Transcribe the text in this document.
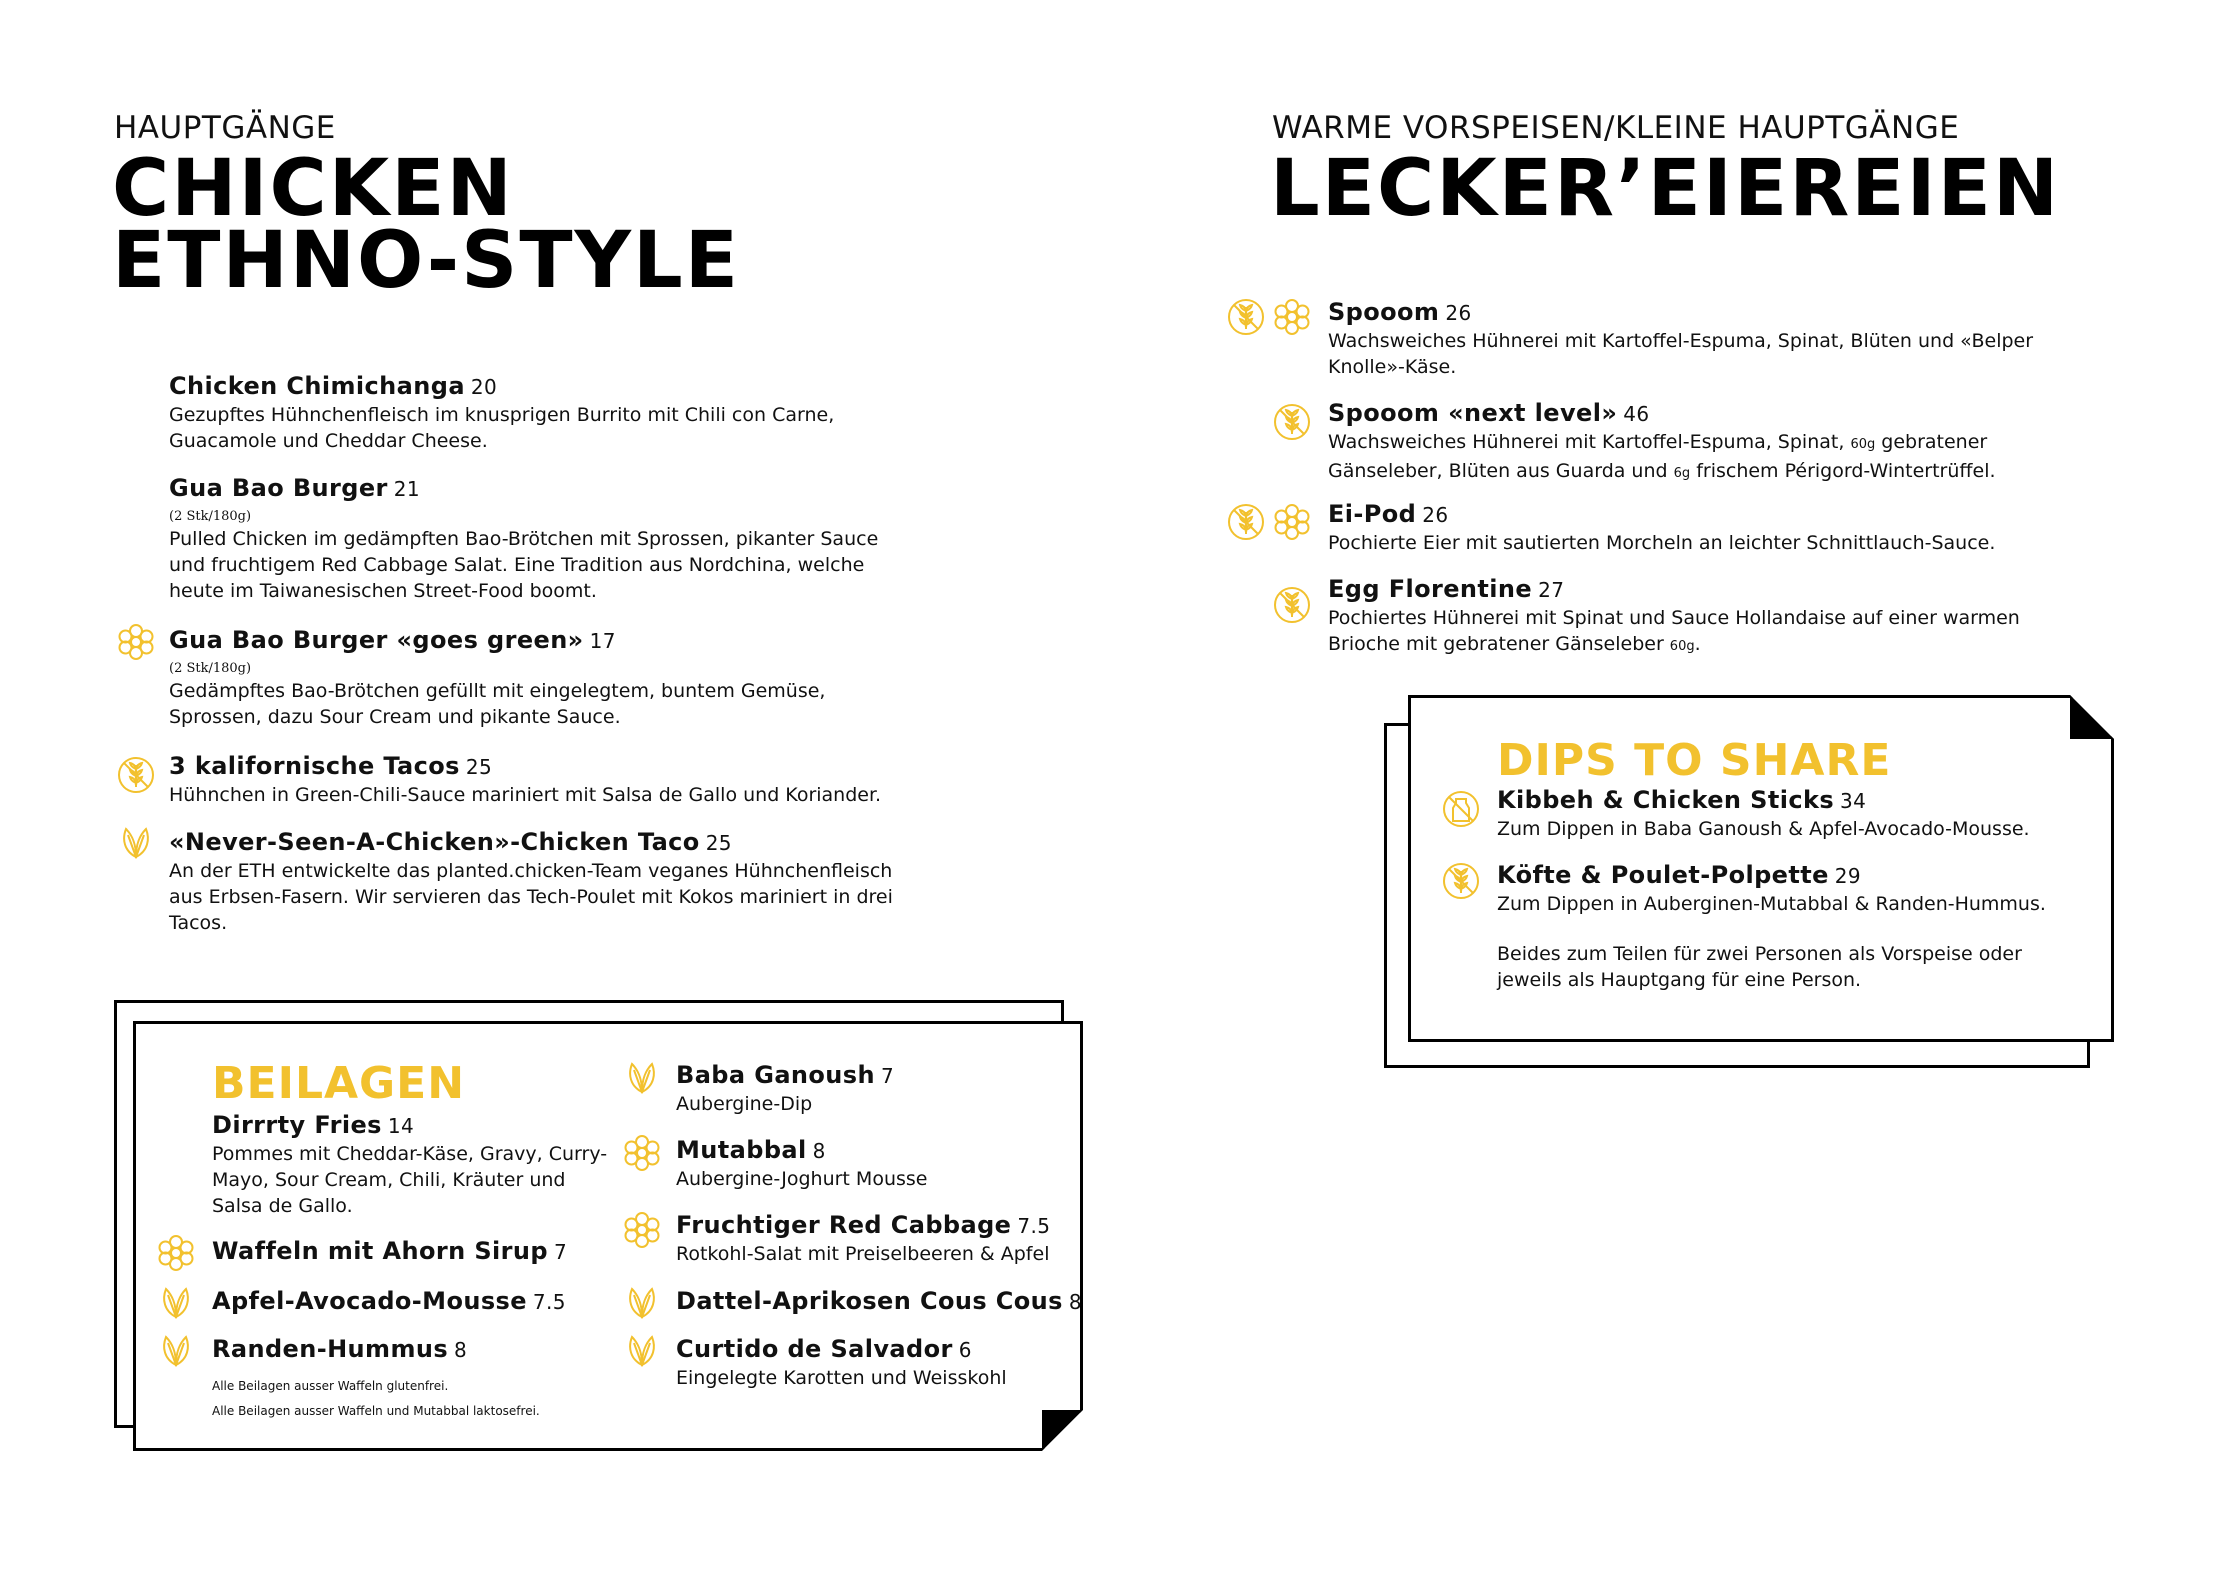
HAUPTGÄNGE
CHICKEN
ETHNO-STYLE
Chicken Chimichanga 20
Gezupftes Hühnchenfleisch im knusprigen Burrito mit Chili con Carne, Guacamole und Cheddar Cheese.
Gua Bao Burger 21
(2 Stk/180g)
Pulled Chicken im gedämpften Bao-Brötchen mit Sprossen, pikanter Sauce und fruchtigem Red Cabbage Salat. Eine Tradition aus Nordchina, welche heute im Taiwanesischen Street-Food boomt.
Gua Bao Burger «goes green» 17
(2 Stk/180g)
Gedämpftes Bao-Brötchen gefüllt mit eingelegtem, buntem Gemüse, Sprossen, dazu Sour Cream und pikante Sauce.
3 kalifornische Tacos 25
Hühnchen in Green-Chili-Sauce mariniert mit Salsa de Gallo und Koriander.
«Never-Seen-A-Chicken»-Chicken Taco 25
An der ETH entwickelte das planted.chicken-Team veganes Hühnchenfleisch aus Erbsen-Fasern. Wir servieren das Tech-Poulet mit Kokos mariniert in drei Tacos.
WARME VORSPEISEN/KLEINE HAUPTGÄNGE
LECKER’EIEREIEN
Spooom 26
Wachsweiches Hühnerei mit Kartoffel-Espuma, Spinat, Blüten und «Belper Knolle»-Käse.
Spooom «next level» 46
Wachsweiches Hühnerei mit Kartoffel-Espuma, Spinat, 60g gebratener Gänseleber, Blüten aus Guarda und 6g frischem Périgord-Wintertrüffel.
Ei-Pod 26
Pochierte Eier mit sautierten Morcheln an leichter Schnittlauch-Sauce.
Egg Florentine 27
Pochiertes Hühnerei mit Spinat und Sauce Hollandaise auf einer warmen Brioche mit gebratener Gänseleber 60g.
DIPS TO SHARE
Kibbeh & Chicken Sticks 34
Zum Dippen in Baba Ganoush & Apfel-Avocado-Mousse.
Köfte & Poulet-Polpette 29
Zum Dippen in Auberginen-Mutabbal & Randen-Hummus.
Beides zum Teilen für zwei Personen als Vorspeise oder jeweils als Hauptgang für eine Person.
BEILAGEN
Dirrrty Fries 14
Pommes mit Cheddar-Käse, Gravy, Curry-Mayo, Sour Cream, Chili, Kräuter und Salsa de Gallo.
Waffeln mit Ahorn Sirup 7
Apfel-Avocado-Mousse 7.5
Randen-Hummus 8
Alle Beilagen ausser Waffeln glutenfrei.
Alle Beilagen ausser Waffeln und Mutabbal laktosefrei.
Baba Ganoush 7
Aubergine-Dip
Mutabbal 8
Aubergine-Joghurt Mousse
Fruchtiger Red Cabbage 7.5
Rotkohl-Salat mit Preiselbeeren & Apfel
Dattel-Aprikosen Cous Cous 8
Curtido de Salvador 6
Eingelegte Karotten und Weisskohl
